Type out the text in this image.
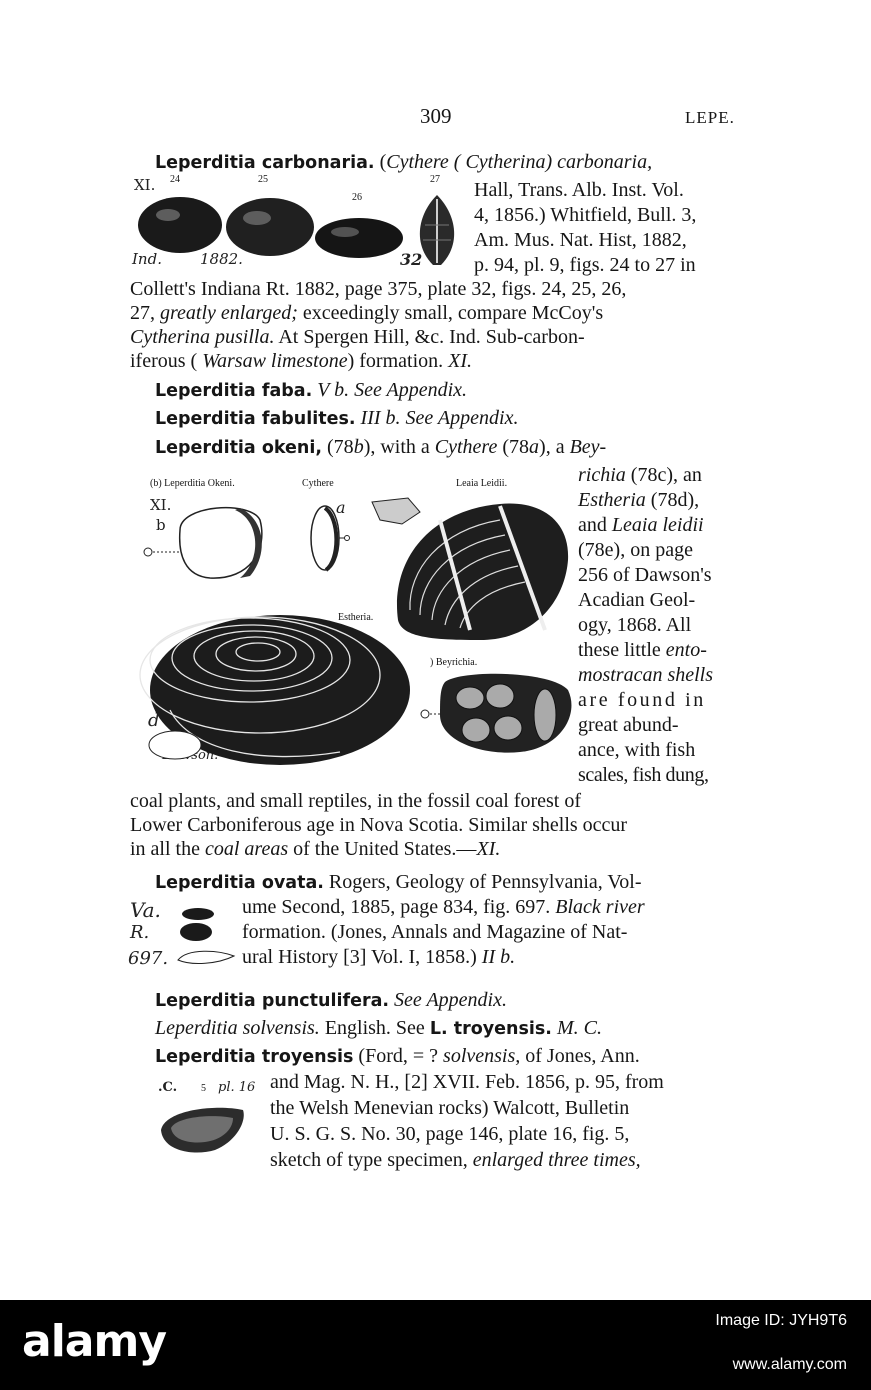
309	LEPE.
Leperditia carbonaria. (Cythere ( Cytherina) carbonaria,
Hall, Trans. Alb. Inst. Vol.
4, 1856.) Whitfield, Bull. 3,
Am. Mus. Nat. Hist, 1882,
p. 94, pl. 9, figs. 24 to 27 in
Collett's Indiana Rt. 1882, page 375, plate 32, figs. 24, 25, 26,
27, greatly enlarged; exceedingly small, compare McCoy's
Cytherina pusilla. At Spergen Hill, &c. Ind. Sub-carbon-
iferous ( Warsaw limestone) formation. XI.
XI. 24	25
26
27
Ind.	1882.	32
Leperditia faba. V b. See Appendix.
Leperditia fabulites. III b. See Appendix.
Leperditia okeni, (78b), with a Cythere (78a), a Bey-
richia (78c), an
Estheria (78d),
and Leaia leidii
(78e), on page
256 of Dawson's
Acadian Geol-
ogy, 1868. All
these little ento-
mostracan shells
are found in
great abund-
ance, with fish
scales, fish dung,
coal plants, and small reptiles, in the fossil coal forest of
Lower Carboniferous age in Nova Scotia. Similar shells occur
in all the coal areas of the United States.—XI.
(b) Leperditia Okeni.	Cythere	Leaia Leidii.
Estheria.
) Beyrichia.
XI.
b
a
d
Leperditia ovata. Rogers, Geology of Pennsylvania, Vol-
ume Second, 1885, page 834, fig. 697. Black river
formation. (Jones, Annals and Magazine of Nat-
ural History [3] Vol. I, 1858.) II b.
Va.
R.
697.
Leperditia punctulifera. See Appendix.
Leperditia solvensis. English. See L. troyensis. M. C.
Leperditia troyensis (Ford, = ? solvensis, of Jones, Ann.
and Mag. N. H., [2] XVII. Feb. 1856, p. 95, from
the Welsh Menevian rocks) Walcott, Bulletin
U. S. G. S. No. 30, page 146, plate 16, fig. 5,
sketch of type specimen, enlarged three times,
.C. 5 pl. 16
alamy	Image ID: JYH9T6
www.alamy.com
